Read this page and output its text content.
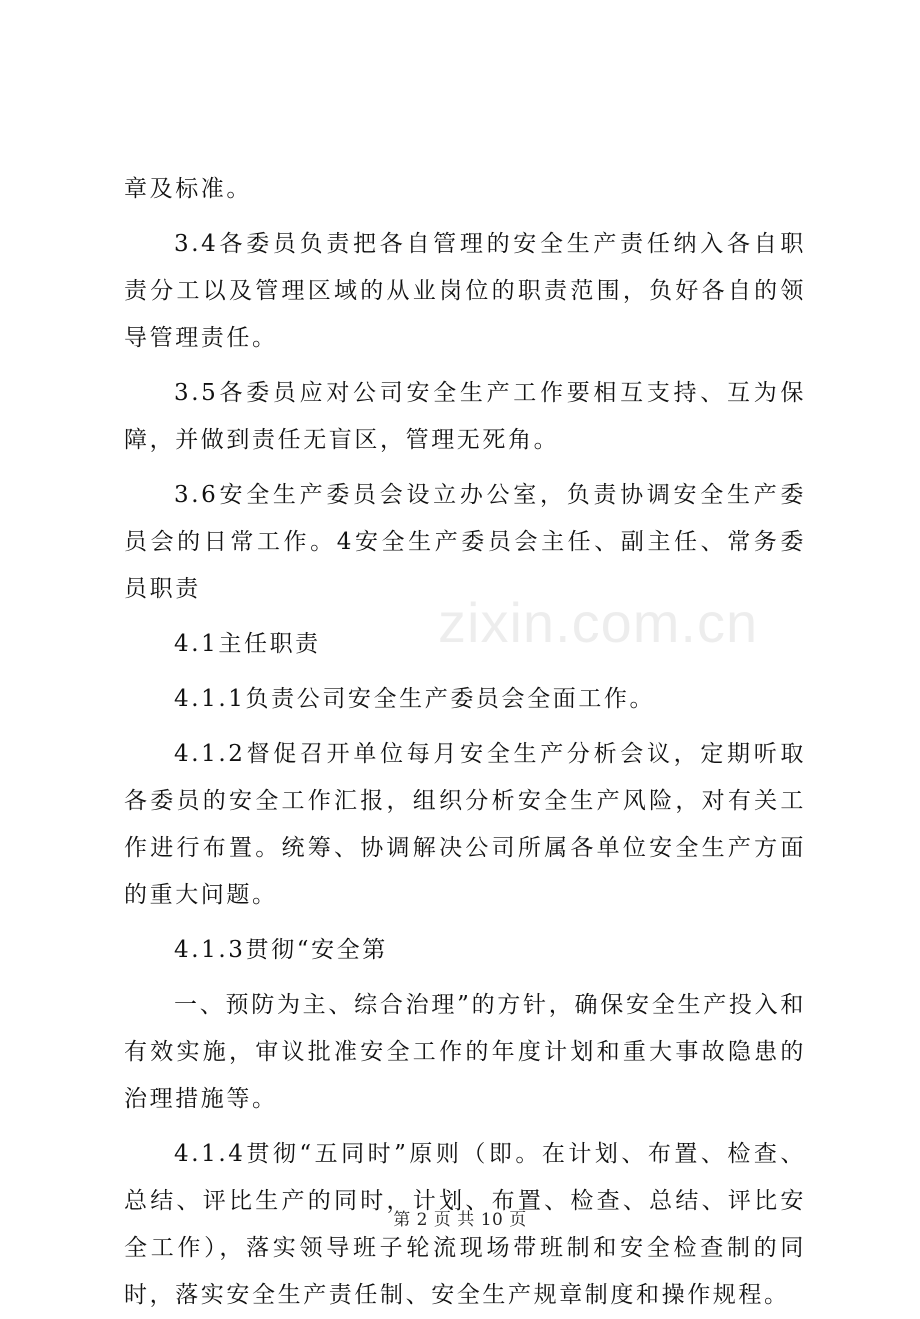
章及标准。

3.4各委员负责把各自管理的安全生产责任纳入各自职责分工以及管理区域的从业岗位的职责范围，负好各自的领导管理责任。

3.5各委员应对公司安全生产工作要相互支持、互为保障，并做到责任无盲区，管理无死角。

3.6安全生产委员会设立办公室，负责协调安全生产委员会的日常工作。4安全生产委员会主任、副主任、常务委员职责

4.1主任职责

4.1.1负责公司安全生产委员会全面工作。

4.1.2督促召开单位每月安全生产分析会议，定期听取各委员的安全工作汇报，组织分析安全生产风险，对有关工作进行布置。统筹、协调解决公司所属各单位安全生产方面的重大问题。

4.1.3贯彻“安全第

一、预防为主、综合治理”的方针，确保安全生产投入和有效实施，审议批准安全工作的年度计划和重大事故隐患的治理措施等。

4.1.4贯彻“五同时”原则（即。在计划、布置、检查、总结、评比生产的同时，计划、布置、检查、总结、评比安全工作），落实领导班子轮流现场带班制和安全检查制的同时，落实安全生产责任制、安全生产规章制度和操作规程。

zixin.com.cn
第 2 页 共 10 页
